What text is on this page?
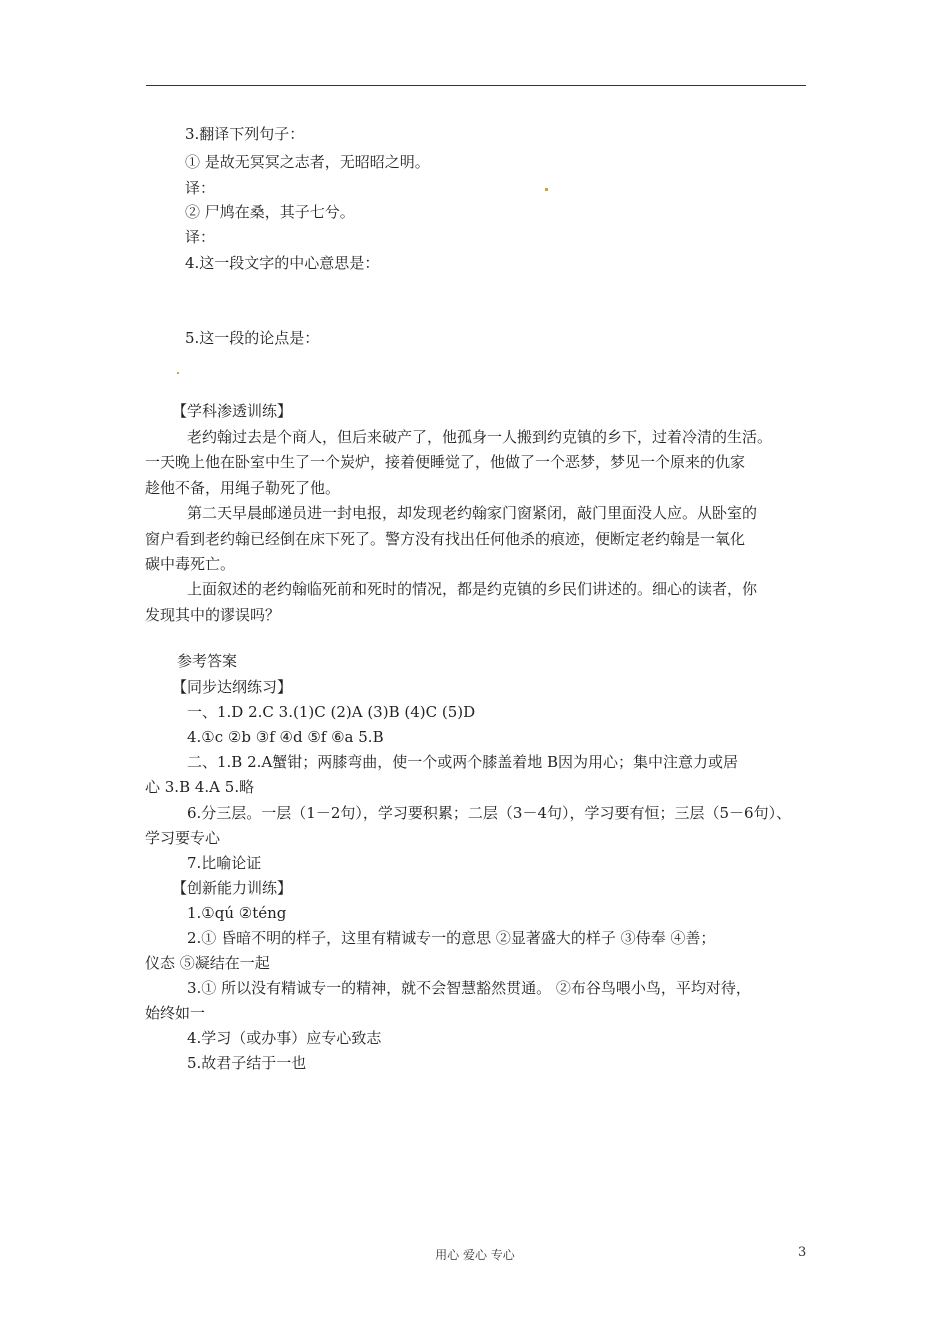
3.翻译下列句子：
① 是故无冥冥之志者，无昭昭之明。
译：
② 尸鸠在桑，其子七兮。
译：
4.这一段文字的中心意思是：
5.这一段的论点是：
【学科渗透训练】
老约翰过去是个商人，但后来破产了，他孤身一人搬到约克镇的乡下，过着冷清的生活。
一天晚上他在卧室中生了一个炭炉，接着便睡觉了，他做了一个恶梦，梦见一个原来的仇家
趁他不备，用绳子勒死了他。
第二天早晨邮递员进一封电报，却发现老约翰家门窗紧闭，敲门里面没人应。从卧室的
窗户看到老约翰已经倒在床下死了。警方没有找出任何他杀的痕迹，便断定老约翰是一氧化
碳中毒死亡。
上面叙述的老约翰临死前和死时的情况，都是约克镇的乡民们讲述的。细心的读者，你
发现其中的谬误吗？
参考答案
【同步达纲练习】
一、1.D 2.C 3.(1)C (2)A (3)B (4)C (5)D
4.①c ②b ③f ④d ⑤f ⑥a 5.B
二、1.B 2.A蟹钳；两膝弯曲，使一个或两个膝盖着地 B因为用心；集中注意力或居
心 3.B 4.A 5.略
6.分三层。一层（1－2句），学习要积累；二层（3－4句），学习要有恒；三层（5－6句）、
学习要专心
7.比喻论证
【创新能力训练】
1.①qú ②téng
2.① 昏暗不明的样子，这里有精诚专一的意思 ②显著盛大的样子 ③侍奉 ④善；
仪态 ⑤凝结在一起
3.① 所以没有精诚专一的精神，就不会智慧豁然贯通。 ②布谷鸟喂小鸟，平均对待，
始终如一
4.学习（或办事）应专心致志
5.故君子结于一也
用心 爱心 专心	3
